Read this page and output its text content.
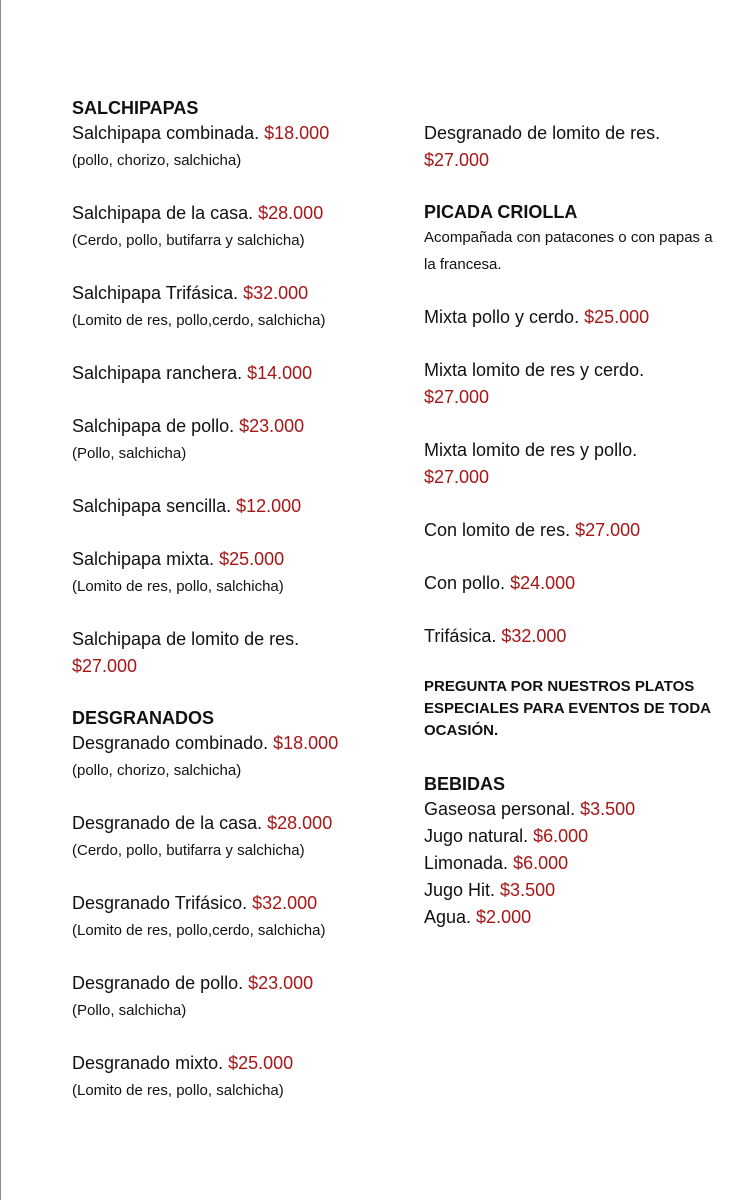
SALCHIPAPAS
Salchipapa combinada. $18.000
(pollo, chorizo, salchicha)
Salchipapa de la casa. $28.000
(Cerdo, pollo, butifarra y salchicha)
Salchipapa Trifásica. $32.000
(Lomito de res, pollo,cerdo, salchicha)
Salchipapa ranchera. $14.000
Salchipapa de pollo. $23.000
(Pollo, salchicha)
Salchipapa sencilla. $12.000
Salchipapa mixta. $25.000
(Lomito de res, pollo, salchicha)
Salchipapa de lomito de res.
$27.000
DESGRANADOS
Desgranado combinado. $18.000
(pollo, chorizo, salchicha)
Desgranado de la casa. $28.000
(Cerdo, pollo, butifarra y salchicha)
Desgranado Trifásico. $32.000
(Lomito de res, pollo,cerdo, salchicha)
Desgranado de pollo. $23.000
(Pollo, salchicha)
Desgranado mixto. $25.000
(Lomito de res, pollo, salchicha)
Desgranado de lomito de res.
$27.000
PICADA CRIOLLA
Acompañada con patacones o con papas a la francesa.
Mixta pollo y cerdo. $25.000
Mixta lomito de res y cerdo.
$27.000
Mixta lomito de res y pollo.
$27.000
Con lomito de res. $27.000
Con pollo. $24.000
Trifásica. $32.000
PREGUNTA POR NUESTROS PLATOS ESPECIALES PARA EVENTOS DE TODA OCASIÓN.
BEBIDAS
Gaseosa personal. $3.500
Jugo natural. $6.000
Limonada. $6.000
Jugo Hit. $3.500
Agua. $2.000
